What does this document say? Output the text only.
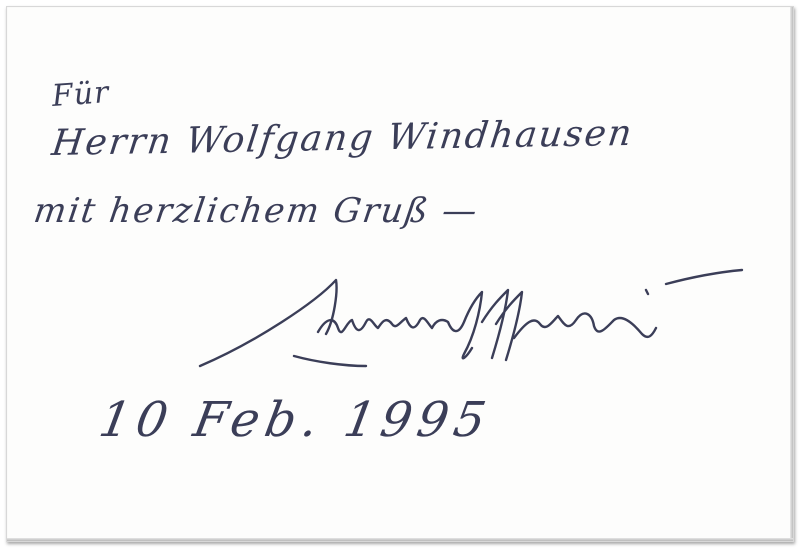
Für

Herrn Wolfgang Windhausen

mit herzlichem Gruß —

10 Feb. 1995
